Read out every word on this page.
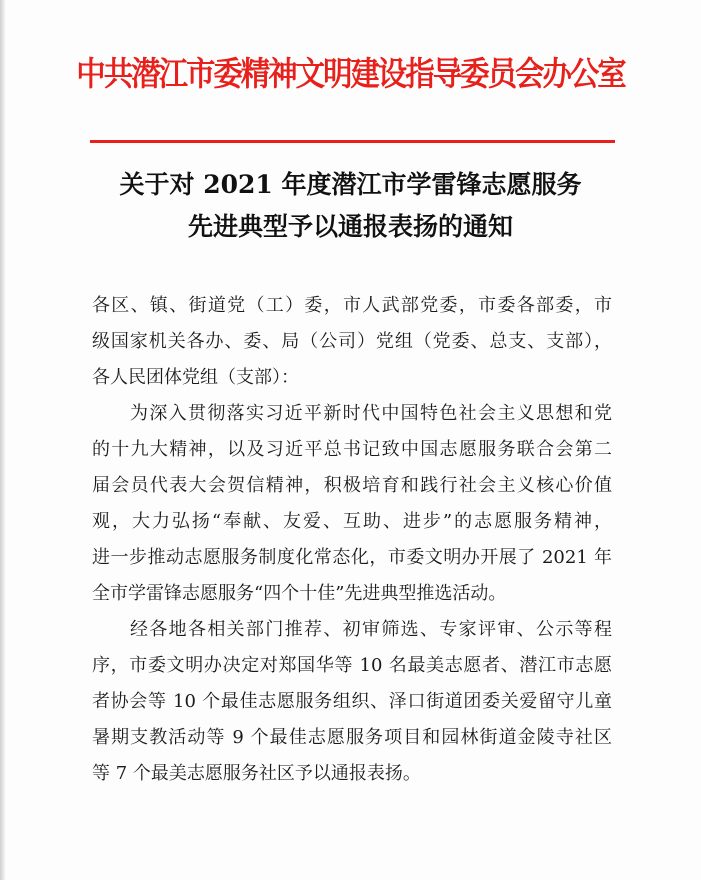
中共潜江市委精神文明建设指导委员会办公室
关于对 2021 年度潜江市学雷锋志愿服务
先进典型予以通报表扬的通知
各区、镇、街道党（工）委，市人武部党委，市委各部委，市
级国家机关各办、委、局（公司）党组（党委、总支、支部），
各人民团体党组（支部）：
为深入贯彻落实习近平新时代中国特色社会主义思想和党
的十九大精神，以及习近平总书记致中国志愿服务联合会第二
届会员代表大会贺信精神，积极培育和践行社会主义核心价值
观，大力弘扬“奉献、友爱、互助、进步”的志愿服务精神，
进一步推动志愿服务制度化常态化，市委文明办开展了 2021 年
全市学雷锋志愿服务“四个十佳”先进典型推选活动。
经各地各相关部门推荐、初审筛选、专家评审、公示等程
序，市委文明办决定对郑国华等 10 名最美志愿者、潜江市志愿
者协会等 10 个最佳志愿服务组织、泽口街道团委关爱留守儿童
暑期支教活动等 9 个最佳志愿服务项目和园林街道金陵寺社区
等 7 个最美志愿服务社区予以通报表扬。
